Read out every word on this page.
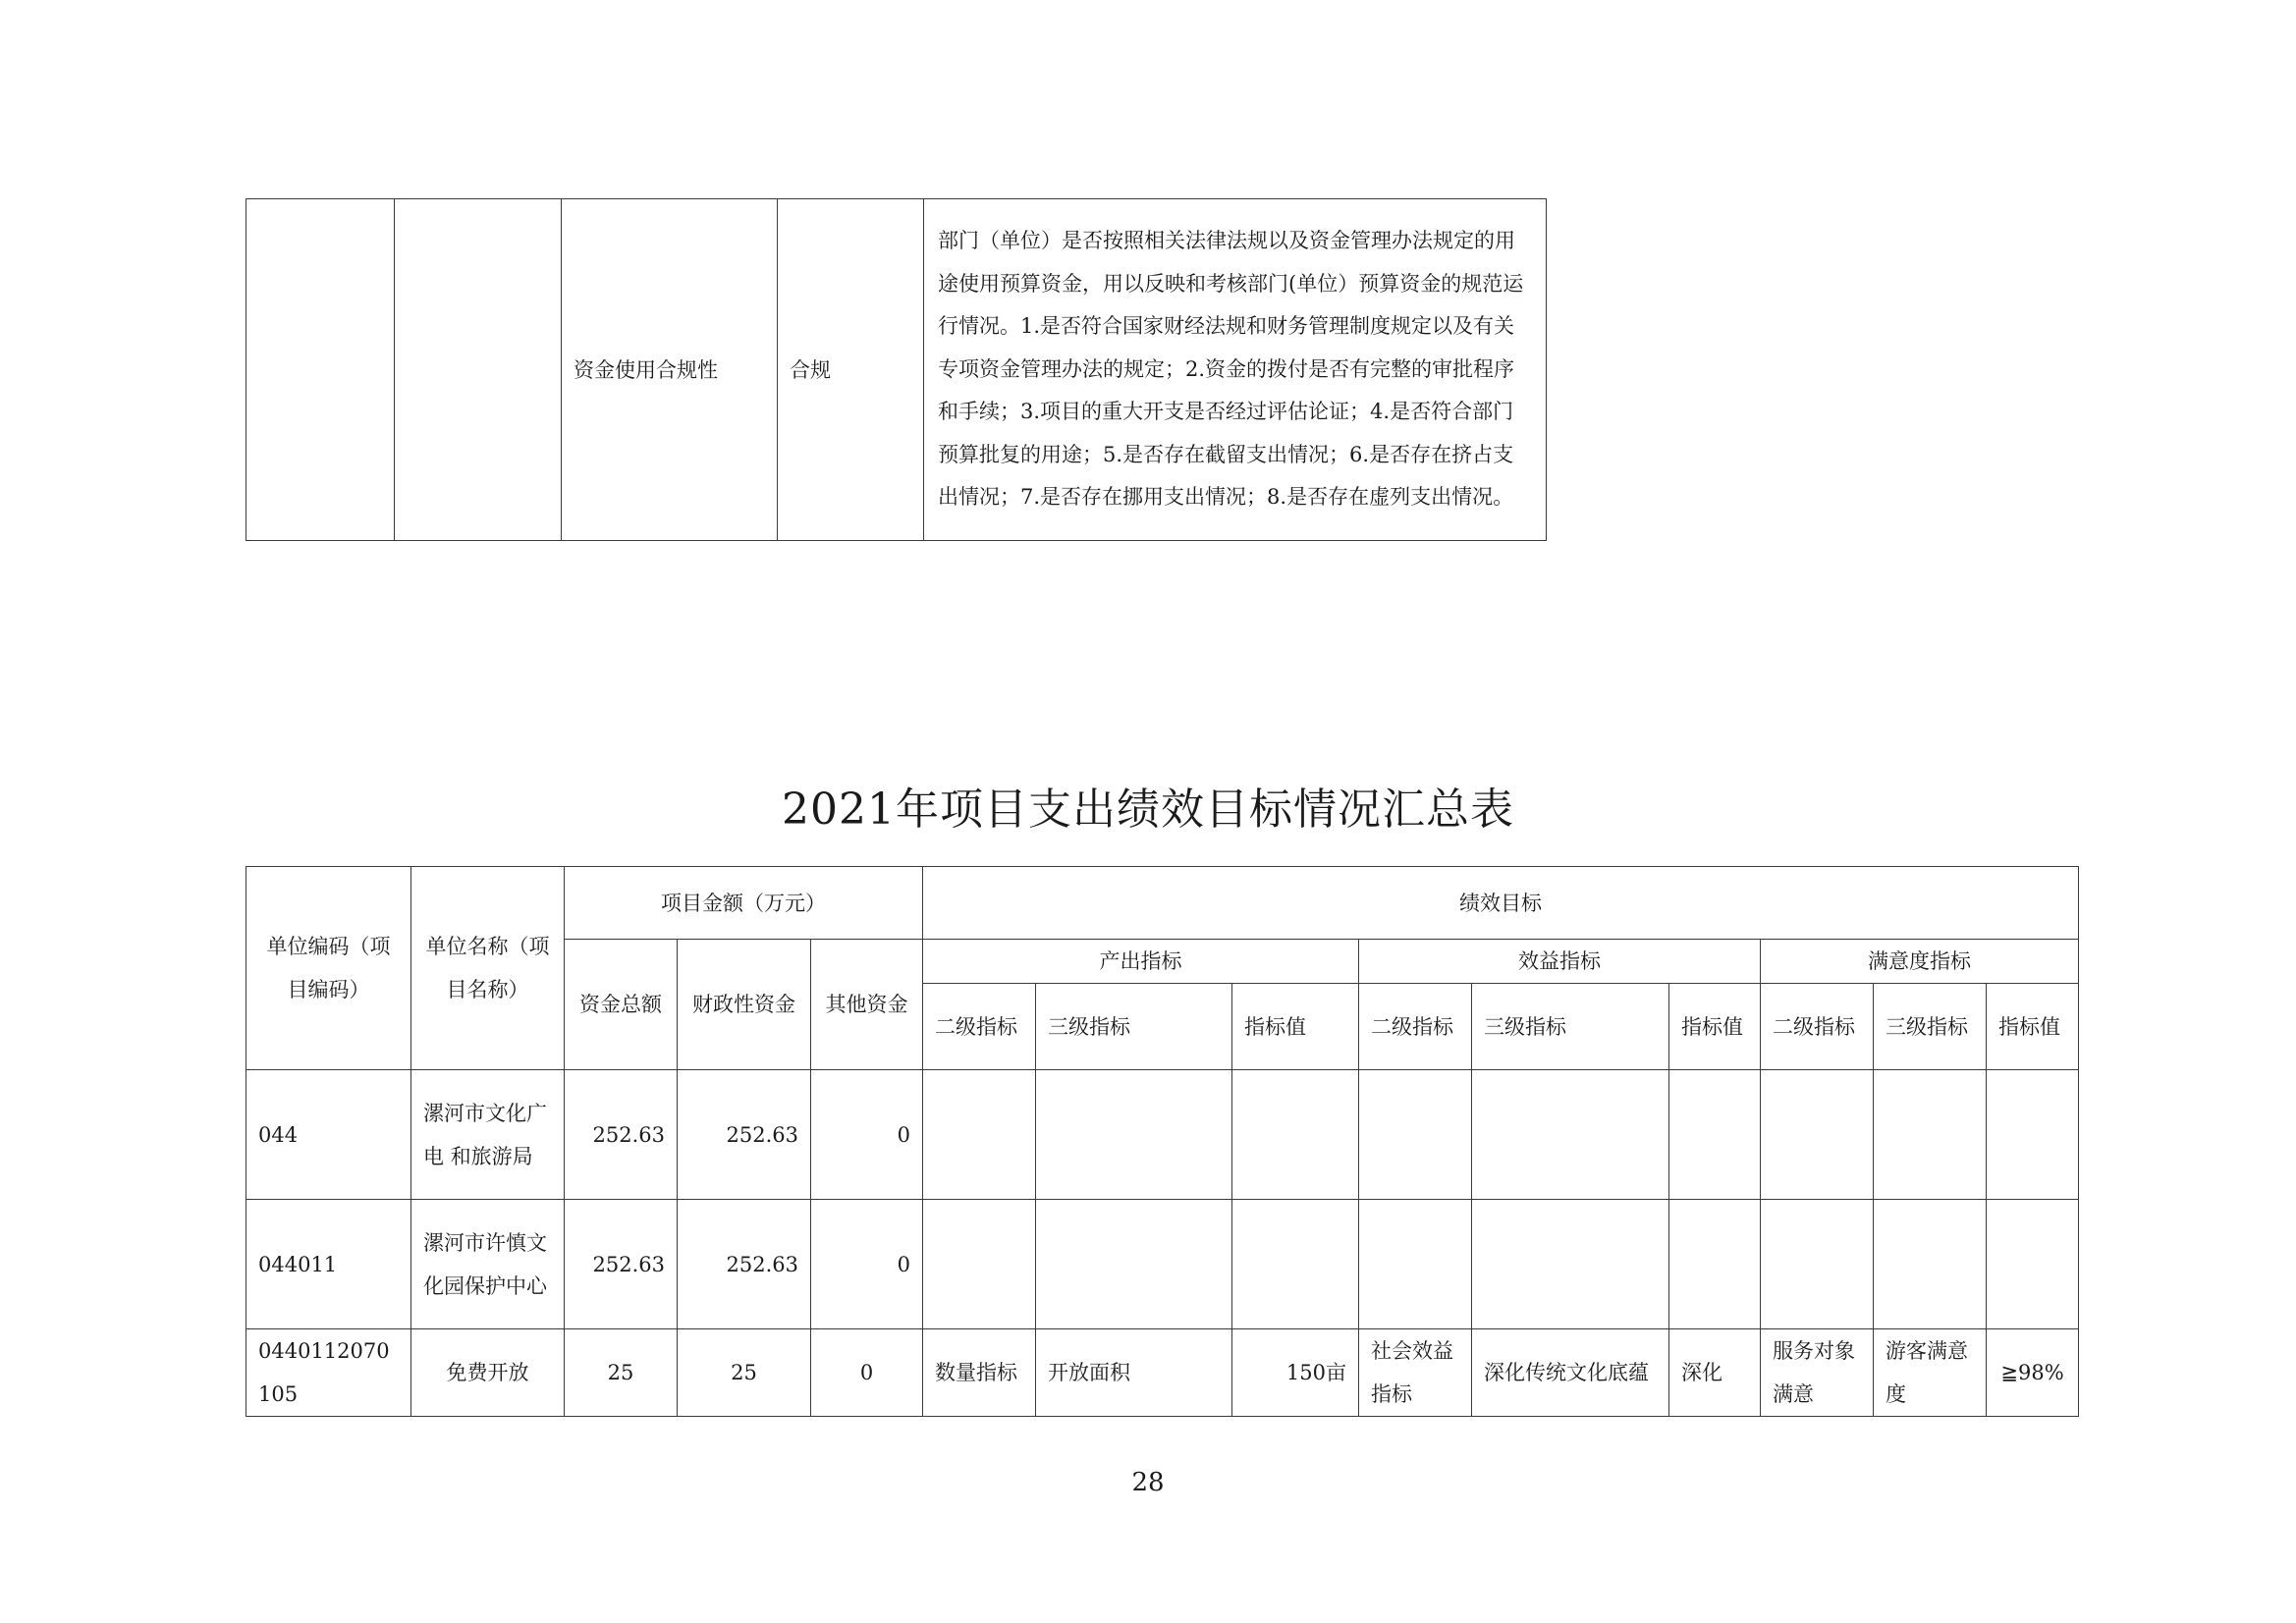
		资金使用合规性	合规	部门（单位）是否按照相关法律法规以及资金管理办法规定的用途使用预算资金，用以反映和考核部门(单位）预算资金的规范运行情况。1.是否符合国家财经法规和财务管理制度规定以及有关专项资金管理办法的规定；2.资金的拨付是否有完整的审批程序和手续；3.项目的重大开支是否经过评估论证；4.是否符合部门预算批复的用途；5.是否存在截留支出情况；6.是否存在挤占支出情况；7.是否存在挪用支出情况；8.是否存在虚列支出情况。
2021年项目支出绩效目标情况汇总表
单位编码（项目编码）	单位名称（项目名称）	项目金额（万元）			绩效目标								
		资金总额	财政性资金	其他资金	产出指标			效益指标			满意度指标		
					二级指标	三级指标	指标值	二级指标	三级指标	指标值	二级指标	三级指标	指标值
044	漯河市文化广电 和旅游局	252.63	252.63	0									
044011	漯河市许慎文化园保护中心	252.63	252.63	0									
0440112070105	免费开放	25	25	0	数量指标	开放面积	150亩	社会效益指标	深化传统文化底蕴	深化	服务对象满意	游客满意度	≧98%
28
